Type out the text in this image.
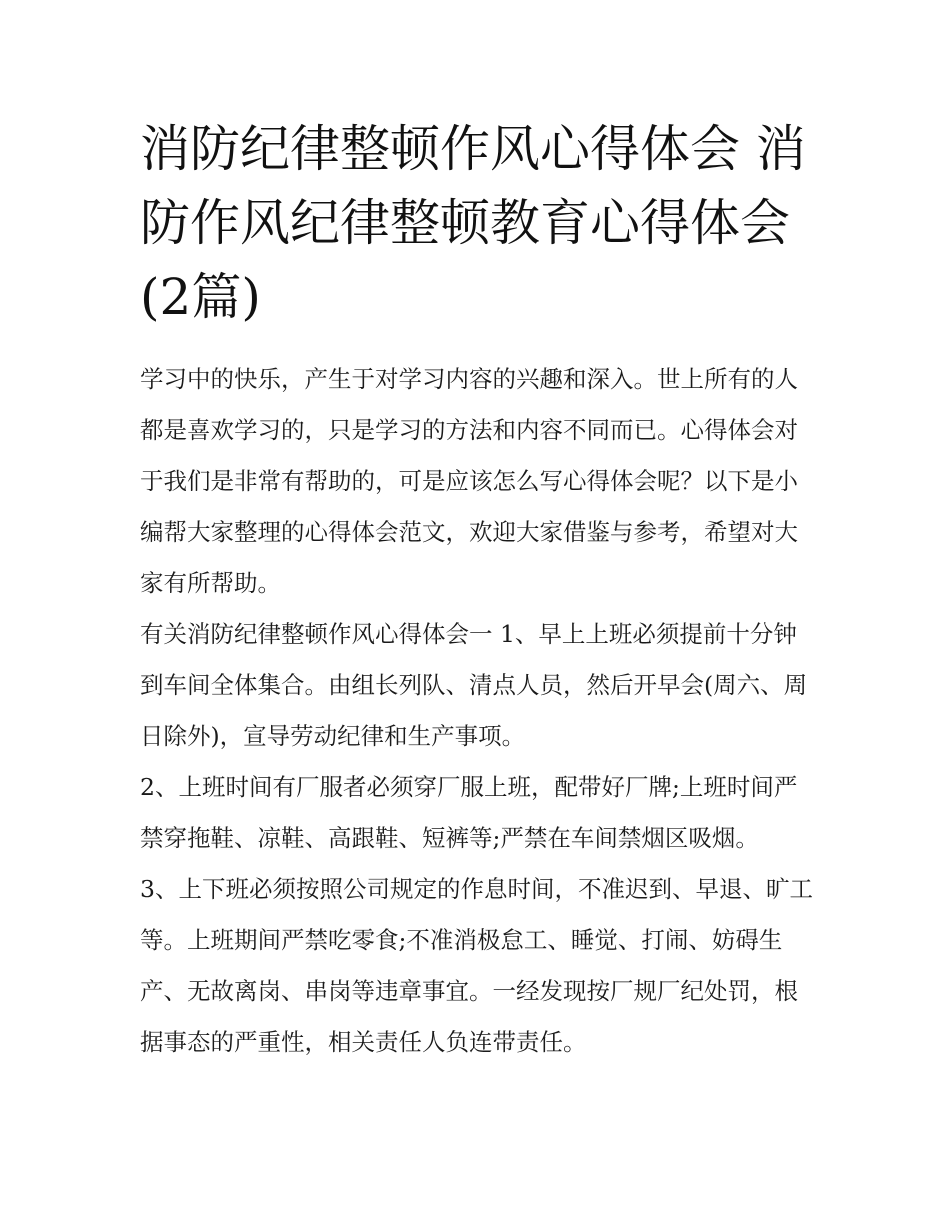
消防纪律整顿作风心得体会 消防作风纪律整顿教育心得体会(2篇)

学习中的快乐，产生于对学习内容的兴趣和深入。世上所有的人都是喜欢学习的，只是学习的方法和内容不同而已。心得体会对于我们是非常有帮助的，可是应该怎么写心得体会呢？以下是小编帮大家整理的心得体会范文，欢迎大家借鉴与参考，希望对大家有所帮助。

有关消防纪律整顿作风心得体会一 1、早上上班必须提前十分钟到车间全体集合。由组长列队、清点人员，然后开早会(周六、周日除外)，宣导劳动纪律和生产事项。

2、上班时间有厂服者必须穿厂服上班，配带好厂牌;上班时间严禁穿拖鞋、凉鞋、高跟鞋、短裤等;严禁在车间禁烟区吸烟。

3、上下班必须按照公司规定的作息时间，不准迟到、早退、旷工等。上班期间严禁吃零食;不准消极怠工、睡觉、打闹、妨碍生产、无故离岗、串岗等违章事宜。一经发现按厂规厂纪处罚，根据事态的严重性，相关责任人负连带责任。
